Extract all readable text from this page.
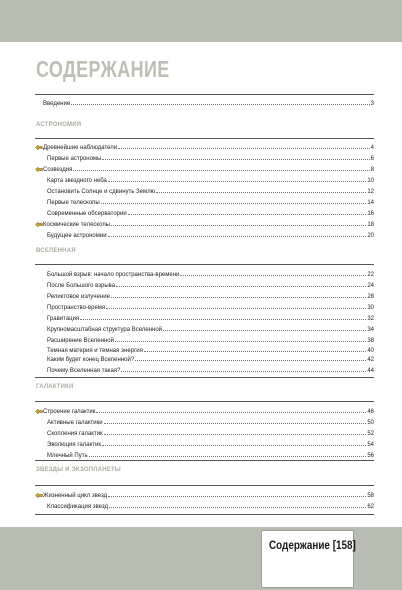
СОДЕРЖАНИЕ
Введение	3
АСТРОНОМИЯ
Древнейшие наблюдатели	4
Первые астрономы	6
Созвездия	8
Карта звездного неба	10
Остановить Солнце и сдвинуть Землю	12
Первые телескопы	14
Современные обсерватории	16
Космические телескопы	18
Будущее астрономии	20
ВСЕЛЕННАЯ
Большой взрыв: начало пространства-времени	22
После Большого взрыва	24
Реликтовое излучение	28
Пространство-время	30
Гравитация	32
Крупномасштабная структура Вселенной	34
Расширение Вселенной	38
Темная материя и темная энергия	40
Каким будет конец Вселенной?	42
Почему Вселенная такая?	44
ГАЛАКТИКИ
Строение галактик	46
Активные галактики	50
Скопления галактик	52
Эволюция галактик	54
Млечный Путь	56
ЗВЕЗДЫ И ЭКЗОПЛАНЕТЫ
Жизненный цикл звезд	58
Классификация звезд	62
Содержание [158]
